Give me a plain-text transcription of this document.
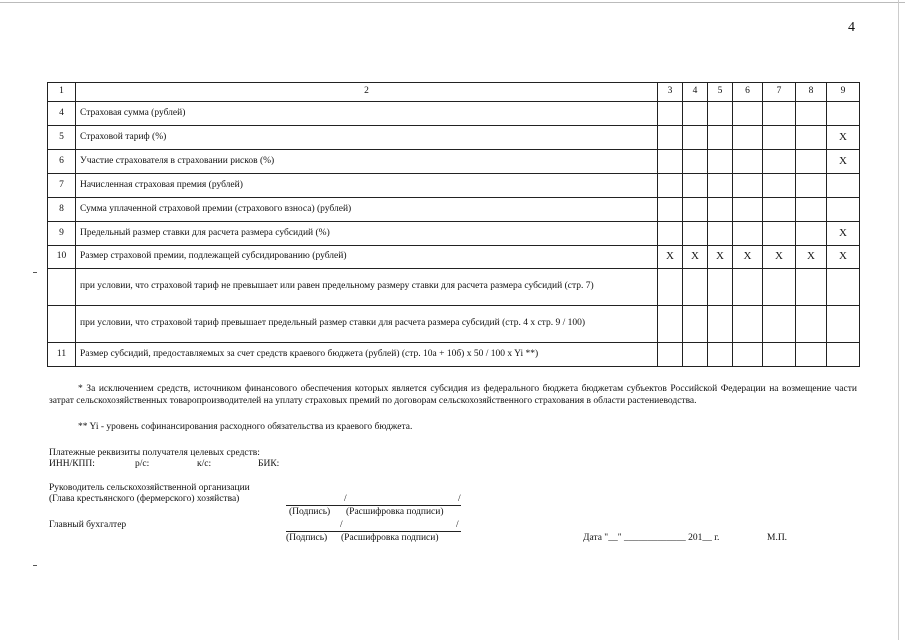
4
1	2	3	4	5	6	7	8	9
4	Страховая сумма (рублей)							
5	Страховой тариф (%)							X
6	Участие страхователя в страховании рисков (%)							X
7	Начисленная страховая премия (рублей)							
8	Сумма уплаченной страховой премии (страхового взноса) (рублей)							
9	Предельный размер ставки для расчета размера субсидий (%)							X
10	Размер страховой премии, подлежащей субсидированию (рублей)	X	X	X	X	X	X	X
	при условии, что страховой тариф не превышает или равен предельному размеру ставки для расчета размера субсидий (стр. 7)							
	при условии, что страховой тариф превышает предельный размер ставки для расчета размера субсидий (стр. 4 x стр. 9 / 100)							
11	Размер субсидий, предоставляемых за счет средств краевого бюджета (рублей) (стр. 10а + 10б) x 50 / 100 x Yi **)							
* За исключением средств, источником финансового обеспечения которых является субсидия из федерального бюджета бюджетам субъектов Российской Федерации на возмещение части затрат сельскохозяйственных товаропроизводителей на уплату страховых премий по договорам сельскохозяйственного страхования в области растениеводства.
** Yi - уровень софинансирования расходного обязательства из краевого бюджета.
Платежные реквизиты получателя целевых средств:
ИНН/КПП:	р/с:	к/с:	БИК:
Руководитель сельскохозяйственной организации
(Глава крестьянского (фермерского) хозяйства)	/	/
(Подпись) (Расшифровка подписи)
Главный бухгалтер	/	/
(Подпись) (Расшифровка подписи)	Дата "__" _____________ 201__ г.	М.П.
